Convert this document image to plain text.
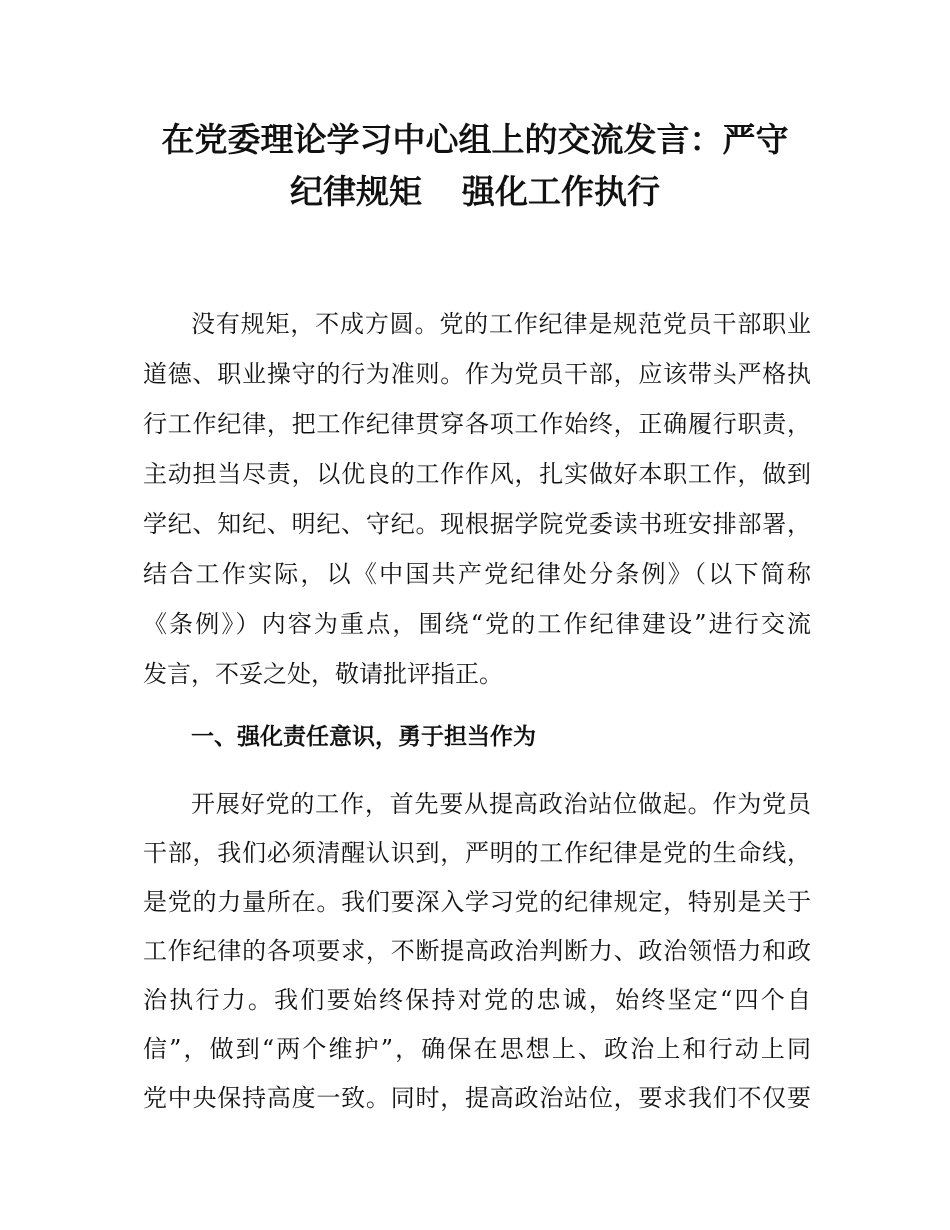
在党委理论学习中心组上的交流发言：严守
纪律规矩 强化工作执行
没有规矩，不成方圆。党的工作纪律是规范党员干部职业
道德、职业操守的行为准则。作为党员干部，应该带头严格执
行工作纪律，把工作纪律贯穿各项工作始终，正确履行职责，
主动担当尽责，以优良的工作作风，扎实做好本职工作，做到
学纪、知纪、明纪、守纪。现根据学院党委读书班安排部署，
结合工作实际，以《中国共产党纪律处分条例》（以下简称
《条例》）内容为重点，围绕“党的工作纪律建设”进行交流
发言，不妥之处，敬请批评指正。
一、强化责任意识，勇于担当作为
开展好党的工作，首先要从提高政治站位做起。作为党员
干部，我们必须清醒认识到，严明的工作纪律是党的生命线，
是党的力量所在。我们要深入学习党的纪律规定，特别是关于
工作纪律的各项要求，不断提高政治判断力、政治领悟力和政
治执行力。我们要始终保持对党的忠诚，始终坚定“四个自
信”，做到“两个维护”，确保在思想上、政治上和行动上同
党中央保持高度一致。同时，提高政治站位，要求我们不仅要
